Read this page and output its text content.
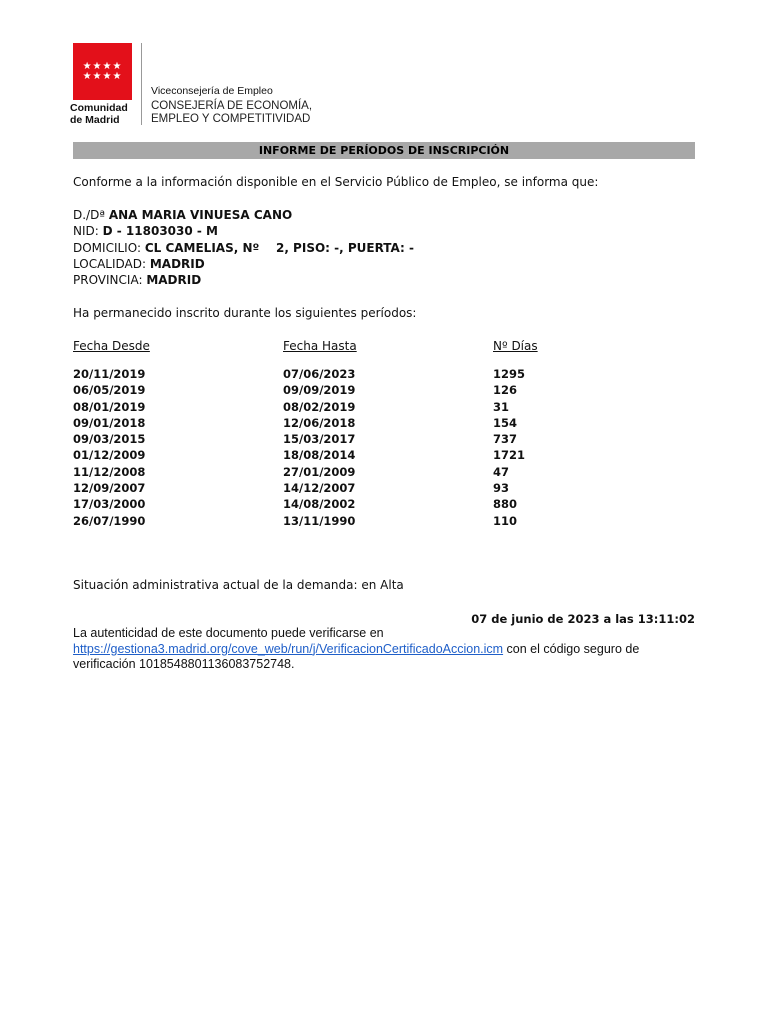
★★★★
★★★★
Comunidad
de Madrid
Viceconsejería de Empleo
CONSEJERÍA DE ECONOMÍA,
EMPLEO Y COMPETITIVIDAD
INFORME DE PERÍODOS DE INSCRIPCIÓN
Conforme a la información disponible en el Servicio Público de Empleo, se informa que:
D./Dª ANA MARIA VINUESA CANO
NID: D - 11803030 - M
DOMICILIO: CL CAMELIAS, Nº    2, PISO: -, PUERTA: -
LOCALIDAD: MADRID
PROVINCIA: MADRID
Ha permanecido inscrito durante los siguientes períodos:
Fecha Desde	Fecha Hasta	Nº Días
20/11/2019	07/06/2023	1295
06/05/2019	09/09/2019	126
08/01/2019	08/02/2019	31
09/01/2018	12/06/2018	154
09/03/2015	15/03/2017	737
01/12/2009	18/08/2014	1721
11/12/2008	27/01/2009	47
12/09/2007	14/12/2007	93
17/03/2000	14/08/2002	880
26/07/1990	13/11/1990	110
Situación administrativa actual de la demanda: en Alta
07 de junio de 2023 a las 13:11:02
La autenticidad de este documento puede verificarse en
https://gestiona3.madrid.org/cove_web/run/j/VerificacionCertificadoAccion.icm con el código seguro de verificación 1018548801136083752748.
